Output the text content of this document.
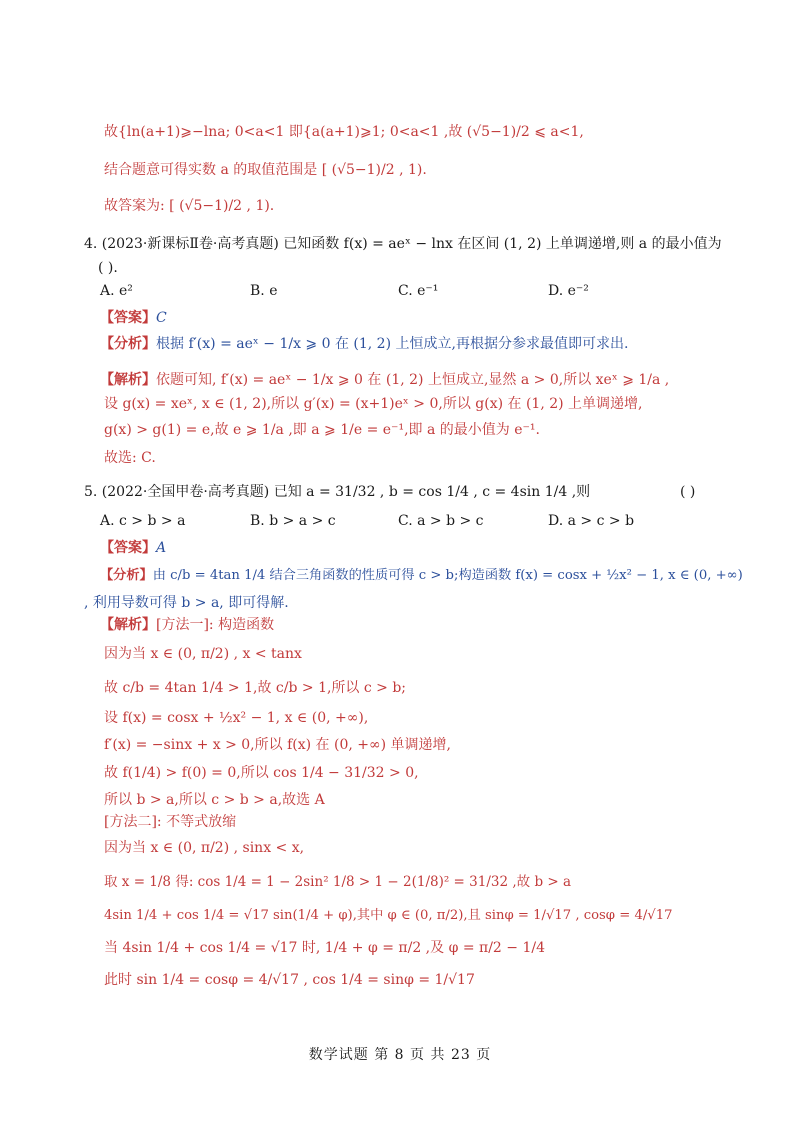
故{ln(a+1)⩾−lna; 0<a<1 即{a(a+1)⩾1; 0<a<1 ,故 (√5−1)/2 ⩽ a<1,
结合题意可得实数 a 的取值范围是 [ (√5−1)/2 , 1).
故答案为: [ (√5−1)/2 , 1).
4. (2023·新课标Ⅱ卷·高考真题) 已知函数 f(x) = aeˣ − lnx 在区间 (1, 2) 上单调递增,则 a 的最小值为
( ).
A. e²	B. e	C. e⁻¹	D. e⁻²
【答案】C
【分析】根据 f′(x) = aeˣ − 1/x ⩾ 0 在 (1, 2) 上恒成立,再根据分参求最值即可求出.
【解析】依题可知, f′(x) = aeˣ − 1/x ⩾ 0 在 (1, 2) 上恒成立,显然 a > 0,所以 xeˣ ⩾ 1/a ,
设 g(x) = xeˣ, x ∈ (1, 2),所以 g′(x) = (x+1)eˣ > 0,所以 g(x) 在 (1, 2) 上单调递增,
g(x) > g(1) = e,故 e ⩾ 1/a ,即 a ⩾ 1/e = e⁻¹,即 a 的最小值为 e⁻¹.
故选: C.
5. (2022·全国甲卷·高考真题) 已知 a = 31/32 , b = cos 1/4 , c = 4sin 1/4 ,则	( )
A. c > b > a	B. b > a > c	C. a > b > c	D. a > c > b
【答案】A
【分析】由 c/b = 4tan 1/4 结合三角函数的性质可得 c > b;构造函数 f(x) = cosx + ½x² − 1, x ∈ (0, +∞)
, 利用导数可得 b > a, 即可得解.
【解析】[方法一]: 构造函数
因为当 x ∈ (0, π/2) , x < tanx
故 c/b = 4tan 1/4 > 1,故 c/b > 1,所以 c > b;
设 f(x) = cosx + ½x² − 1, x ∈ (0, +∞),
f′(x) = −sinx + x > 0,所以 f(x) 在 (0, +∞) 单调递增,
故 f(1/4) > f(0) = 0,所以 cos 1/4 − 31/32 > 0,
所以 b > a,所以 c > b > a,故选 A
[方法二]: 不等式放缩
因为当 x ∈ (0, π/2) , sinx < x,
取 x = 1/8 得: cos 1/4 = 1 − 2sin² 1/8 > 1 − 2(1/8)² = 31/32 ,故 b > a
4sin 1/4 + cos 1/4 = √17 sin(1/4 + φ),其中 φ ∈ (0, π/2),且 sinφ = 1/√17 , cosφ = 4/√17
当 4sin 1/4 + cos 1/4 = √17 时, 1/4 + φ = π/2 ,及 φ = π/2 − 1/4
此时 sin 1/4 = cosφ = 4/√17 , cos 1/4 = sinφ = 1/√17
数学试题 第 8 页 共 23 页
